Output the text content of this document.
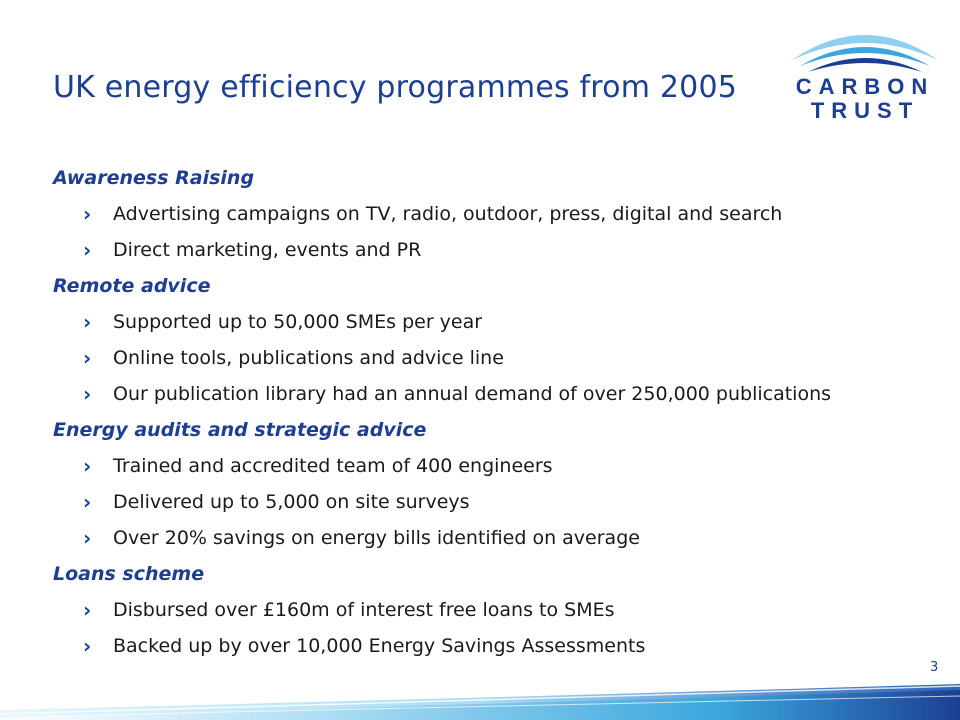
UK energy efficiency programmes from 2005	CARBON
TRUST
Awareness Raising
› Advertising campaigns on TV, radio, outdoor, press, digital and search
› Direct marketing, events and PR
Remote advice
› Supported up to 50,000 SMEs per year
› Online tools, publications and advice line
› Our publication library had an annual demand of over 250,000 publications
Energy audits and strategic advice
› Trained and accredited team of 400 engineers
› Delivered up to 5,000 on site surveys
› Over 20% savings on energy bills identified on average
Loans scheme
› Disbursed over £160m of interest free loans to SMEs
› Backed up by over 10,000 Energy Savings Assessments
3
